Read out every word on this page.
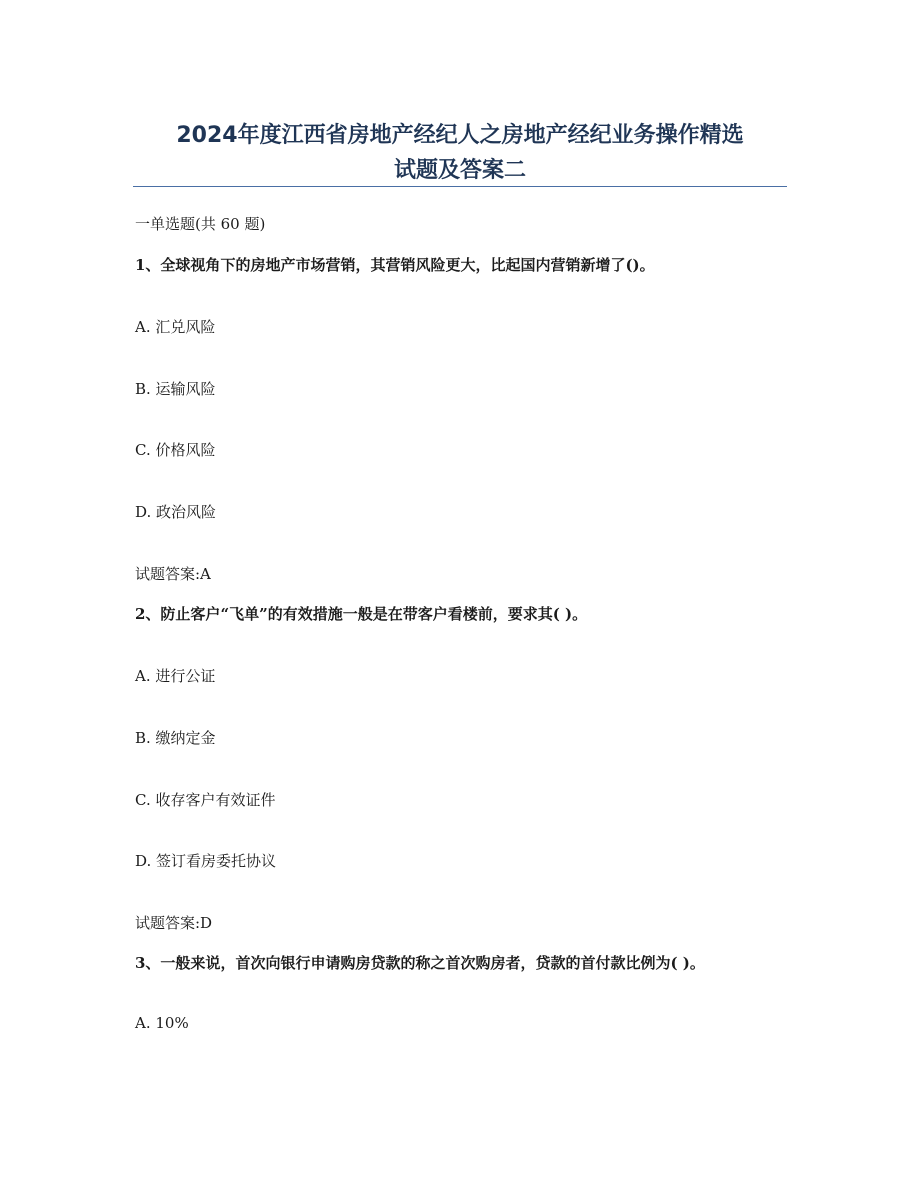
2024年度江西省房地产经纪人之房地产经纪业务操作精选
试题及答案二

一单选题(共 60 题)

1、全球视角下的房地产市场营销，其营销风险更大，比起国内营销新增了()。

A. 汇兑风险

B. 运输风险

C. 价格风险

D. 政治风险

试题答案:A

2、防止客户“飞单”的有效措施一般是在带客户看楼前，要求其( )。

A. 进行公证

B. 缴纳定金

C. 收存客户有效证件

D. 签订看房委托协议

试题答案:D

3、一般来说，首次向银行申请购房贷款的称之首次购房者，贷款的首付款比例为( )。

A. 10%
